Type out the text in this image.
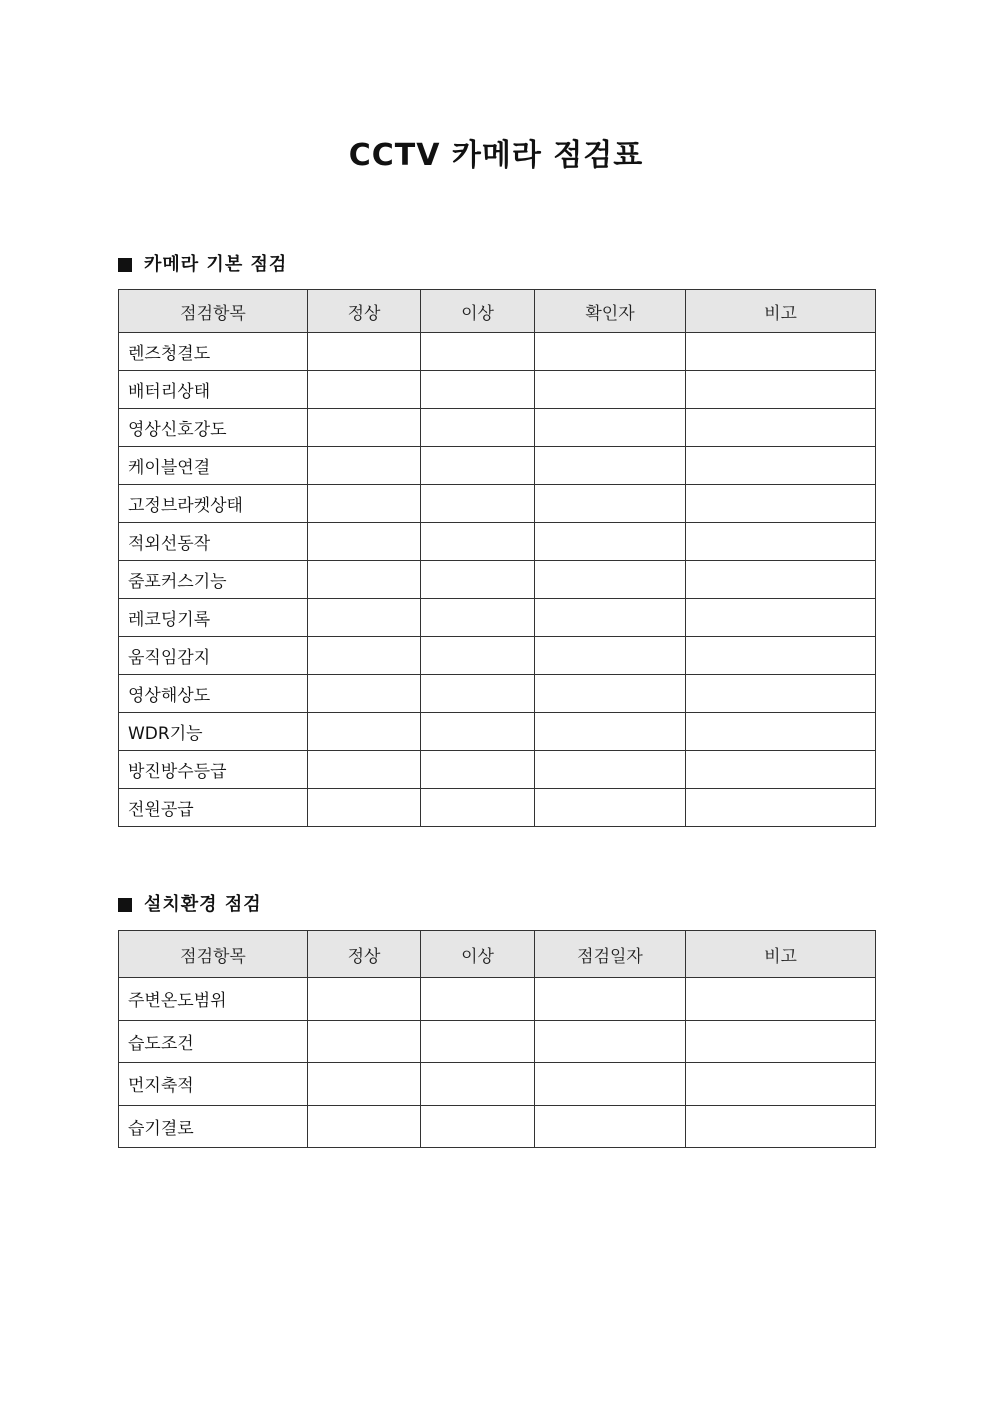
CCTV 카메라 점검표
카메라 기본 점검
점검항목	정상	이상	확인자	비고
렌즈청결도				
배터리상태				
영상신호강도				
케이블연결				
고정브라켓상태				
적외선동작				
줌포커스기능				
레코딩기록				
움직임감지				
영상해상도				
WDR기능				
방진방수등급				
전원공급				
설치환경 점검
점검항목	정상	이상	점검일자	비고
주변온도범위				
습도조건				
먼지축적				
습기결로				
